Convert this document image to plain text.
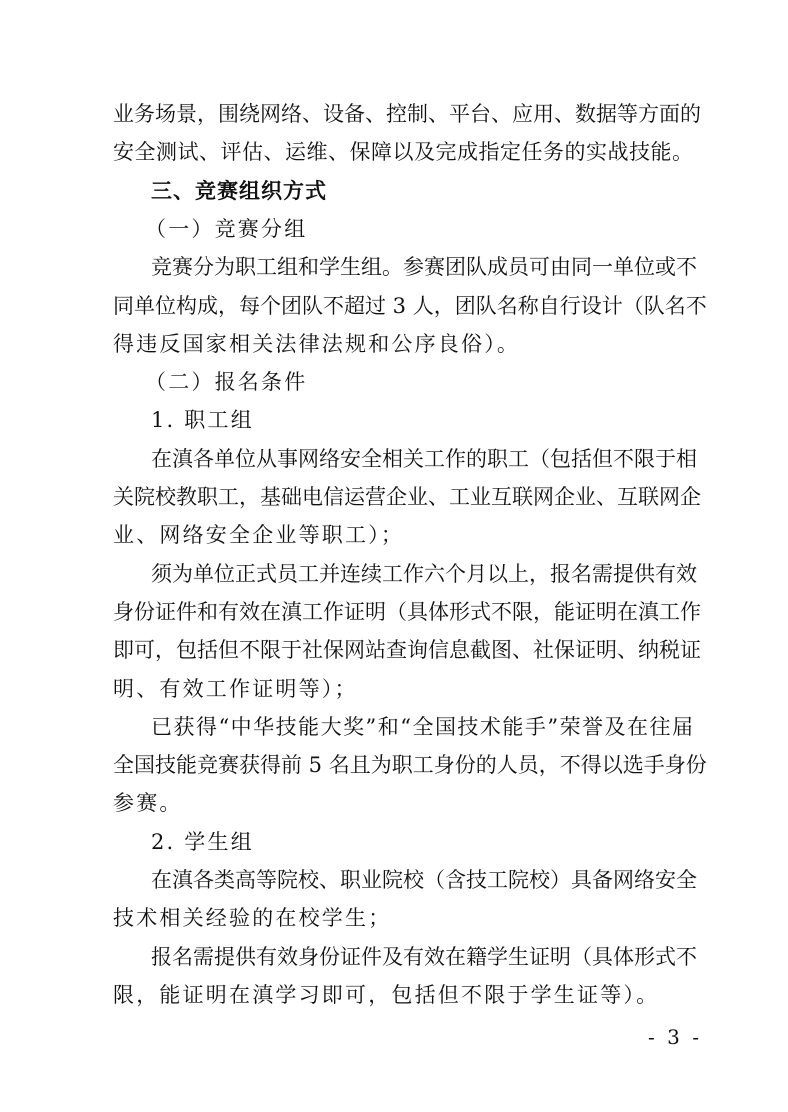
业务场景，围绕网络、设备、控制、平台、应用、数据等方面的
安全测试、评估、运维、保障以及完成指定任务的实战技能。
三、竞赛组织方式
（一）竞赛分组
竞赛分为职工组和学生组。参赛团队成员可由同一单位或不
同单位构成，每个团队不超过 3 人，团队名称自行设计（队名不
得违反国家相关法律法规和公序良俗）。
（二）报名条件
1. 职工组
在滇各单位从事网络安全相关工作的职工（包括但不限于相
关院校教职工，基础电信运营企业、工业互联网企业、互联网企
业、网络安全企业等职工）；
须为单位正式员工并连续工作六个月以上，报名需提供有效
身份证件和有效在滇工作证明（具体形式不限，能证明在滇工作
即可，包括但不限于社保网站查询信息截图、社保证明、纳税证
明、有效工作证明等）；
已获得“中华技能大奖”和“全国技术能手”荣誉及在往届
全国技能竞赛获得前 5 名且为职工身份的人员，不得以选手身份
参赛。
2. 学生组
在滇各类高等院校、职业院校（含技工院校）具备网络安全
技术相关经验的在校学生；
报名需提供有效身份证件及有效在籍学生证明（具体形式不
- 3 -
限，能证明在滇学习即可，包括但不限于学生证等）。
